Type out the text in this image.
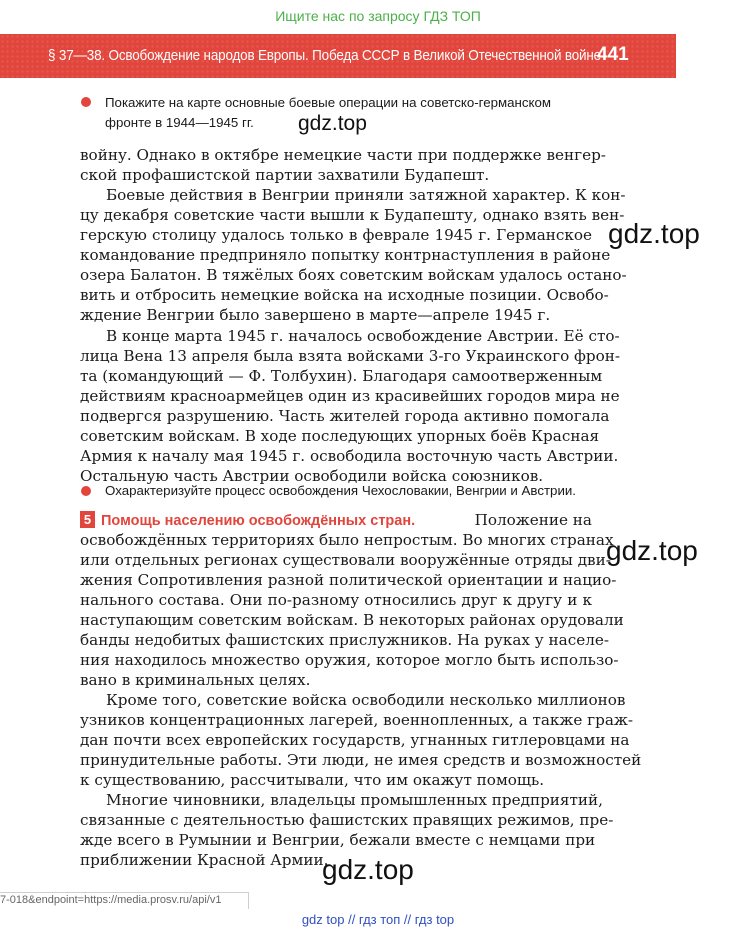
Ищите нас по запросу ГДЗ ТОП
§ 37—38. Освобождение народов Европы. Победа СССР в Великой Отечественной войне
441
Покажите на карте основные боевые операции на советско-германском
фронте в 1944—1945 гг.	gdz.top
войну. Однако в октябре немецкие части при поддержке венгер-
ской профашистской партии захватили Будапешт.
Боевые действия в Венгрии приняли затяжной характер. К кон-
цу декабря советские части вышли к Будапешту, однако взять вен-
герскую столицу удалось только в феврале 1945 г. Германское
командование предприняло попытку контрнаступления в районе
озера Балатон. В тяжёлых боях советским войскам удалось останo-
вить и отбросить немецкие войска на исходные позиции. Освобо-
ждение Венгрии было завершено в марте—апреле 1945 г.
gdz.top
В конце марта 1945 г. началось освобождение Австрии. Её сто-
лица Вена 13 апреля была взята войсками 3-го Украинского фрон-
та (командующий — Ф. Толбухин). Благодаря самоотверженным
действиям красноармейцев один из красивейших городов мира не
подвергся разрушению. Часть жителей города активно помогала
советским войскам. В ходе последующих упорных боёв Красная
Армия к началу мая 1945 г. освободила восточную часть Австрии.
Остальную часть Австрии освободили войска союзников.
Охарактеризуйте процесс освобождения Чехословакии, Венгрии и Австрии.
5 Помощь населению освобождённых стран.	Положение на
освобождённых территориях было непростым. Во многих странах
или отдельных регионах существовали вооружённые отряды дви-
жения Сопротивления разной политической ориентации и нацио-
нального состава. Они по-разному относились друг к другу и к
наступающим советским войскам. В некоторых районах орудовали
банды недобитых фашистских прислужников. На руках у населе-
ния находилось множество оружия, которое могло быть использо-
вано в криминальных целях.
gdz.top
Кроме того, советские войска освободили несколько миллионов
узников концентрационных лагерей, военнопленных, а также граж-
дан почти всех европейских государств, угнанных гитлеровцами на
принудительные работы. Эти люди, не имея средств и возможностей
к существованию, рассчитывали, что им окажут помощь.
Многие чиновники, владельцы промышленных предприятий,
связанные с деятельностью фашистских правящих режимов, пре-
жде всего в Румынии и Венгрии, бежали вместе с немцами при
приближении Красной Армии.
gdz.top
7-018&endpoint=https://media.prosv.ru/api/v1
gdz top // гдз топ // гдз top
